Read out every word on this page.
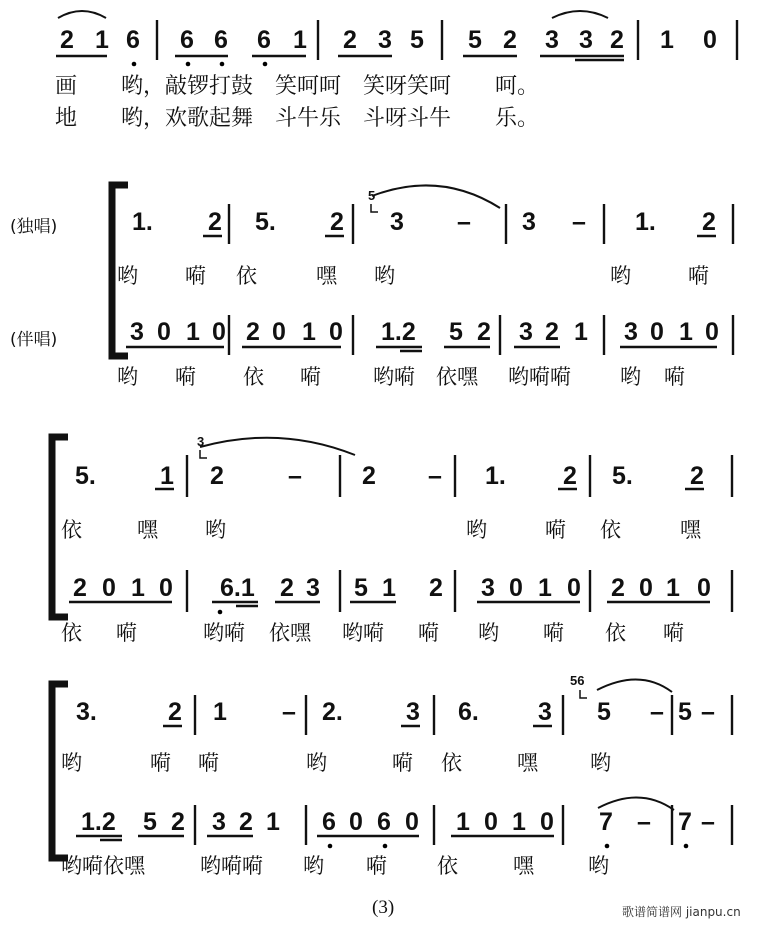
2 1 6 6 6 6 1 2 3 5 5 2 3 3 2 1 0
画　　哟，敲锣打鼓　笑呵呵　笑呀笑呵　　呵。
地　　哟，欢歌起舞　斗牛乐　斗呀斗牛　　乐。
(独唱)
(伴唱)
1. 2 5. 2 3 – 3 – 1. 2
哟 嗬 依	嘿 哟	哟	嗬
3 0 1 0 2 0 1 0 1.2 5 2 3 2 1 3 0 1 0
哟 嗬 依 嗬 哟嗬 依嘿 哟嗬嗬 哟 嗬
5
5.	1 2	– 2 – 1. 2 5. 2
依	嘿 哟	哟	嗬 依	嘿
2 0 1 0 6.1 2 3 5 1 2 3 0 1 0 2 0 1 0
依 嗬	哟嗬 依嘿 哟嗬 嗬 哟 嗬 依 嗬
3
3.	2 1 – 2.	3 6. 3 5 – 5 –
哟	嗬 嗬	哟	嗬 依	嘿 哟
1.2 5 2 3 2 1 6 0 6 0 1 0 1 0 7 – 7 –
哟嗬依嘿	哟嗬嗬 哟 嗬 依	嘿	哟
56
(3)	歌谱简谱网 jianpu.cn
